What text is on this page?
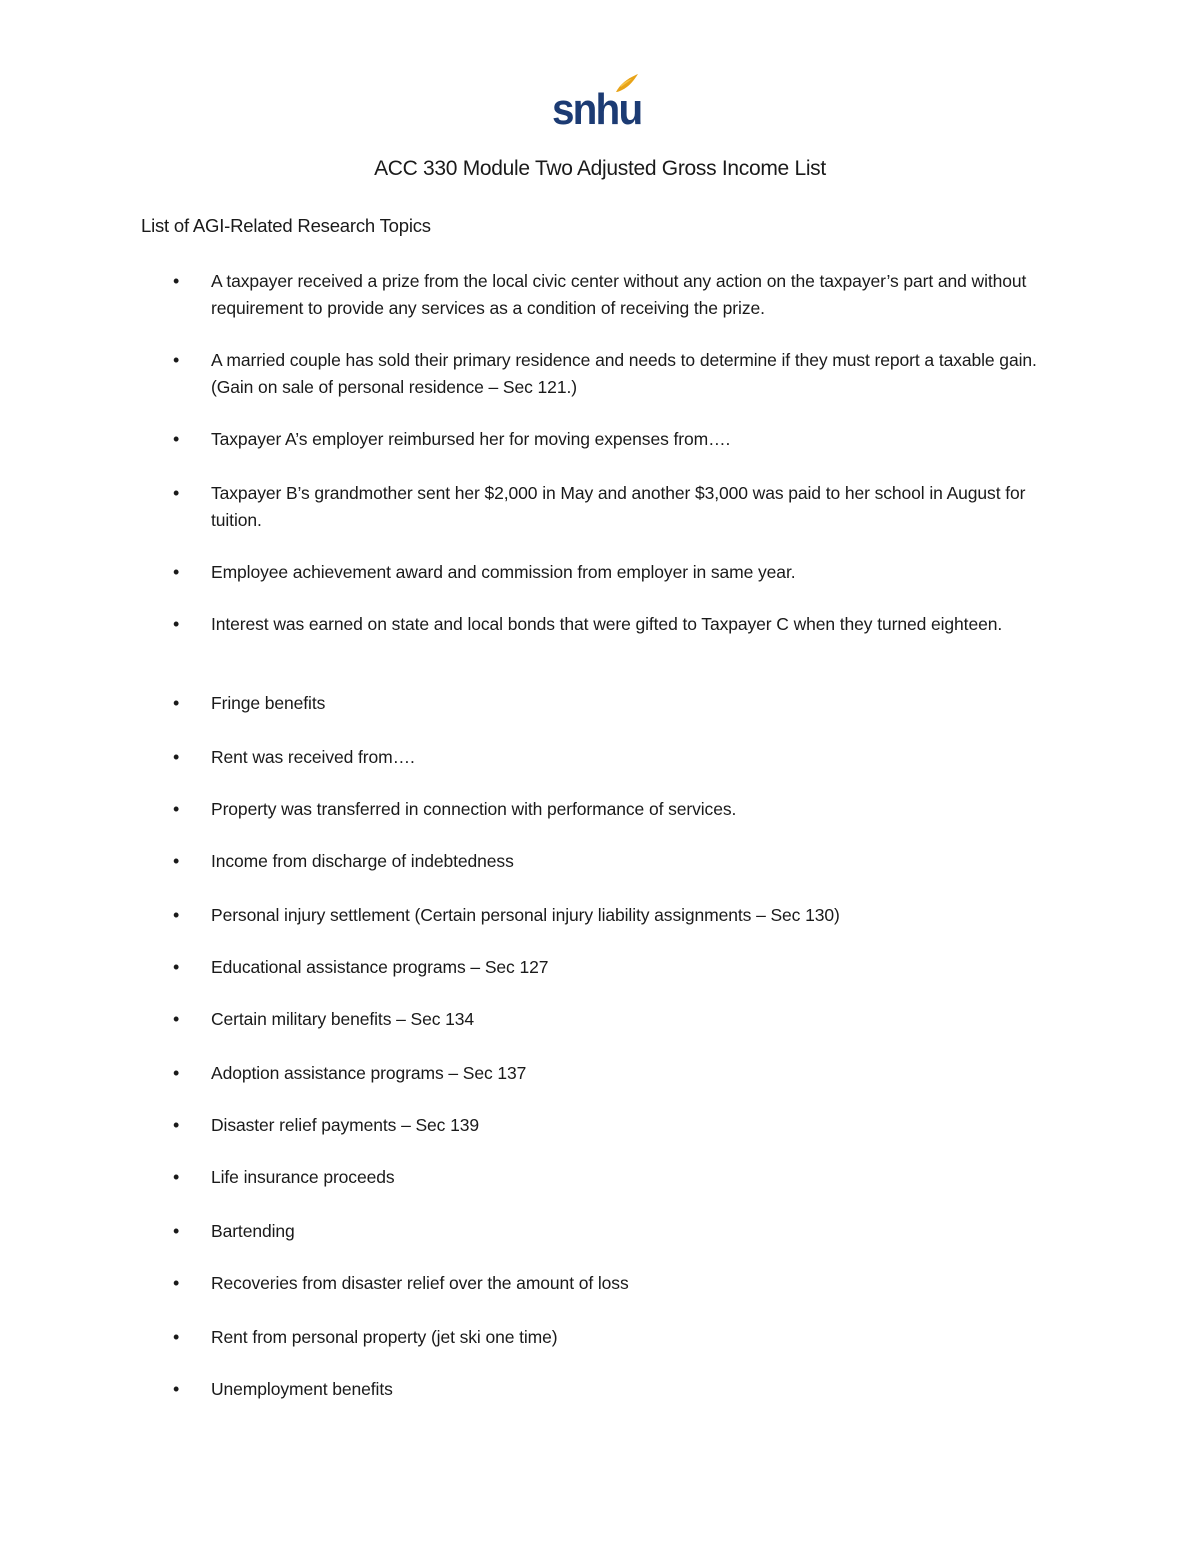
snhu
ACC 330 Module Two Adjusted Gross Income List
List of AGI-Related Research Topics
• A taxpayer received a prize from the local civic center without any action on the taxpayer’s part and without requirement to provide any services as a condition of receiving the prize.
• A married couple has sold their primary residence and needs to determine if they must report a taxable gain. (Gain on sale of personal residence – Sec 121.)
• Taxpayer A’s employer reimbursed her for moving expenses from….
• Taxpayer B’s grandmother sent her $2,000 in May and another $3,000 was paid to her school in August for tuition.
• Employee achievement award and commission from employer in same year.
• Interest was earned on state and local bonds that were gifted to Taxpayer C when they turned eighteen.
• Fringe benefits
• Rent was received from….
• Property was transferred in connection with performance of services.
• Income from discharge of indebtedness
• Personal injury settlement (Certain personal injury liability assignments – Sec 130)
• Educational assistance programs – Sec 127
• Certain military benefits – Sec 134
• Adoption assistance programs – Sec 137
• Disaster relief payments – Sec 139
• Life insurance proceeds
• Bartending
• Recoveries from disaster relief over the amount of loss
• Rent from personal property (jet ski one time)
• Unemployment benefits
